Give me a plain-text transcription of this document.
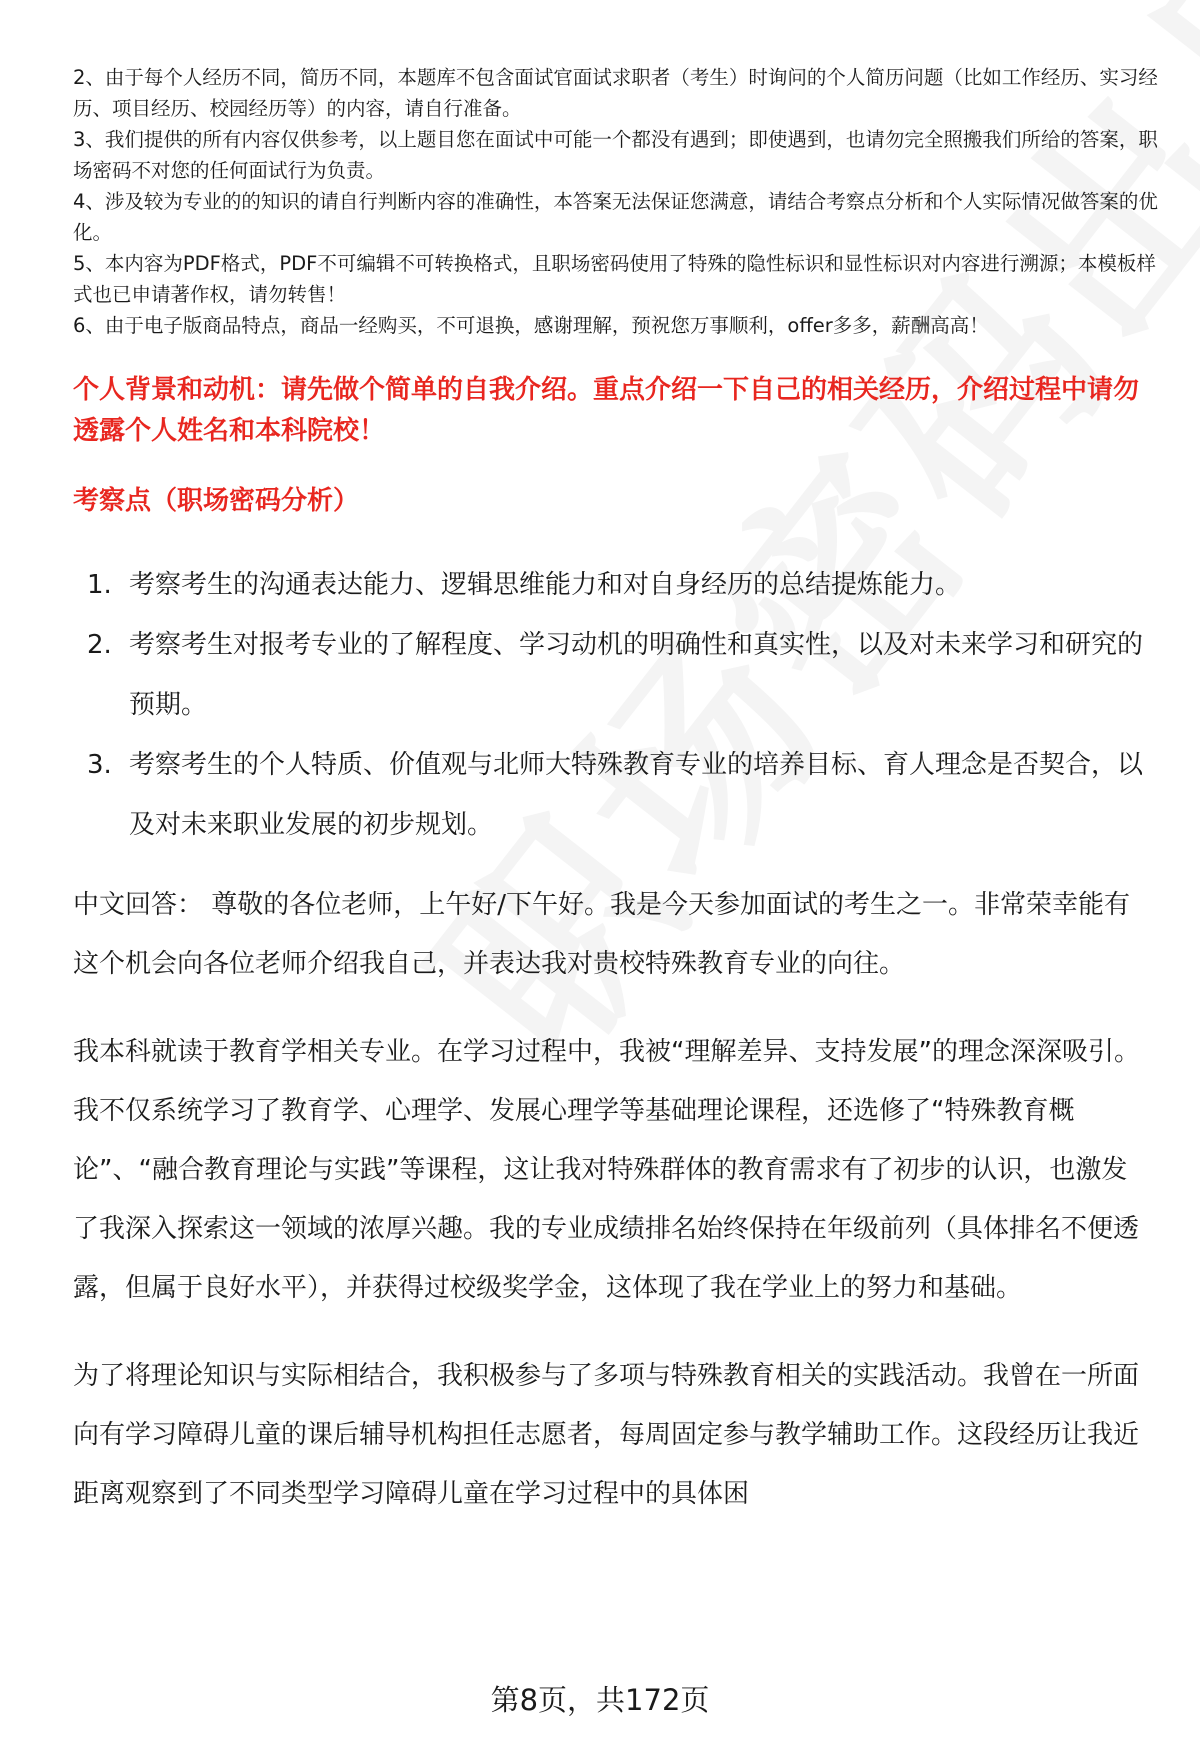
2、由于每个人经历不同，简历不同，本题库不包含面试官面试求职者（考生）时询问的个人简历问题（比如工作经历、实习经历、项目经历、校园经历等）的内容，请自行准备。

3、我们提供的所有内容仅供参考，以上题目您在面试中可能一个都没有遇到；即使遇到，也请勿完全照搬我们所给的答案，职场密码不对您的任何面试行为负责。

4、涉及较为专业的的知识的请自行判断内容的准确性，本答案无法保证您满意，请结合考察点分析和个人实际情况做答案的优化。

5、本内容为PDF格式，PDF不可编辑不可转换格式，且职场密码使用了特殊的隐性标识和显性标识对内容进行溯源；本模板样式也已申请著作权，请勿转售！

6、由于电子版商品特点，商品一经购买，不可退换，感谢理解，预祝您万事顺利，offer多多，薪酬高高！

个人背景和动机：请先做个简单的自我介绍。重点介绍一下自己的相关经历，介绍过程中请勿透露个人姓名和本科院校！
考察点（职场密码分析）
1. 考察考生的沟通表达能力、逻辑思维能力和对自身经历的总结提炼能力。
2. 考察考生对报考专业的了解程度、学习动机的明确性和真实性，以及对未来学习和研究的预期。
3. 考察考生的个人特质、价值观与北师大特殊教育专业的培养目标、育人理念是否契合，以及对未来职业发展的初步规划。

中文回答： 尊敬的各位老师，上午好/下午好。我是今天参加面试的考生之一。非常荣幸能有这个机会向各位老师介绍我自己，并表达我对贵校特殊教育专业的向往。

我本科就读于教育学相关专业。在学习过程中，我被“理解差异、支持发展”的理念深深吸引。我不仅系统学习了教育学、心理学、发展心理学等基础理论课程，还选修了“特殊教育概论”、“融合教育理论与实践”等课程，这让我对特殊群体的教育需求有了初步的认识，也激发了我深入探索这一领域的浓厚兴趣。我的专业成绩排名始终保持在年级前列（具体排名不便透露，但属于良好水平），并获得过校级奖学金，这体现了我在学业上的努力和基础。

为了将理论知识与实际相结合，我积极参与了多项与特殊教育相关的实践活动。我曾在一所面向有学习障碍儿童的课后辅导机构担任志愿者，每周固定参与教学辅助工作。这段经历让我近距离观察到了不同类型学习障碍儿童在学习过程中的具体困

第8页，共172页
